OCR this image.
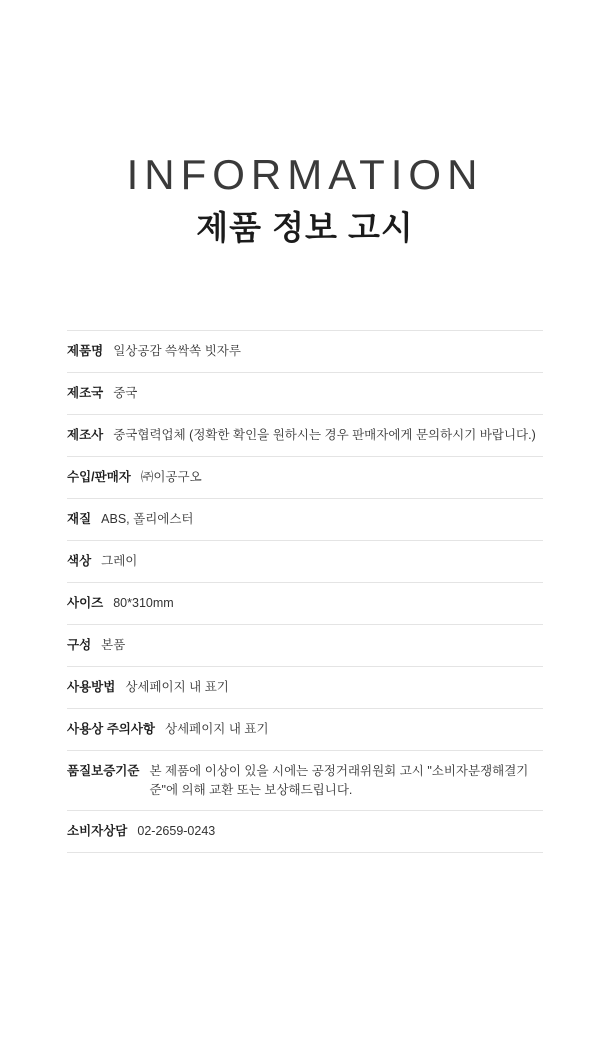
INFORMATION
제품 정보 고시
제품명 일상공감 쓱싹쏙 빗자루
제조국 중국
제조사 중국협력업체 (정확한 확인을 원하시는 경우 판매자에게 문의하시기 바랍니다.)
수입/판매자 ㈜이공구오
재질 ABS, 폴리에스터
색상 그레이
사이즈 80*310mm
구성 본품
사용방법 상세페이지 내 표기
사용상 주의사항 상세페이지 내 표기
품질보증기준 본 제품에 이상이 있을 시에는 공정거래위원회 고시 "소비자분쟁해결기준"에 의해 교환 또는 보상해드립니다.
소비자상담 02-2659-0243
